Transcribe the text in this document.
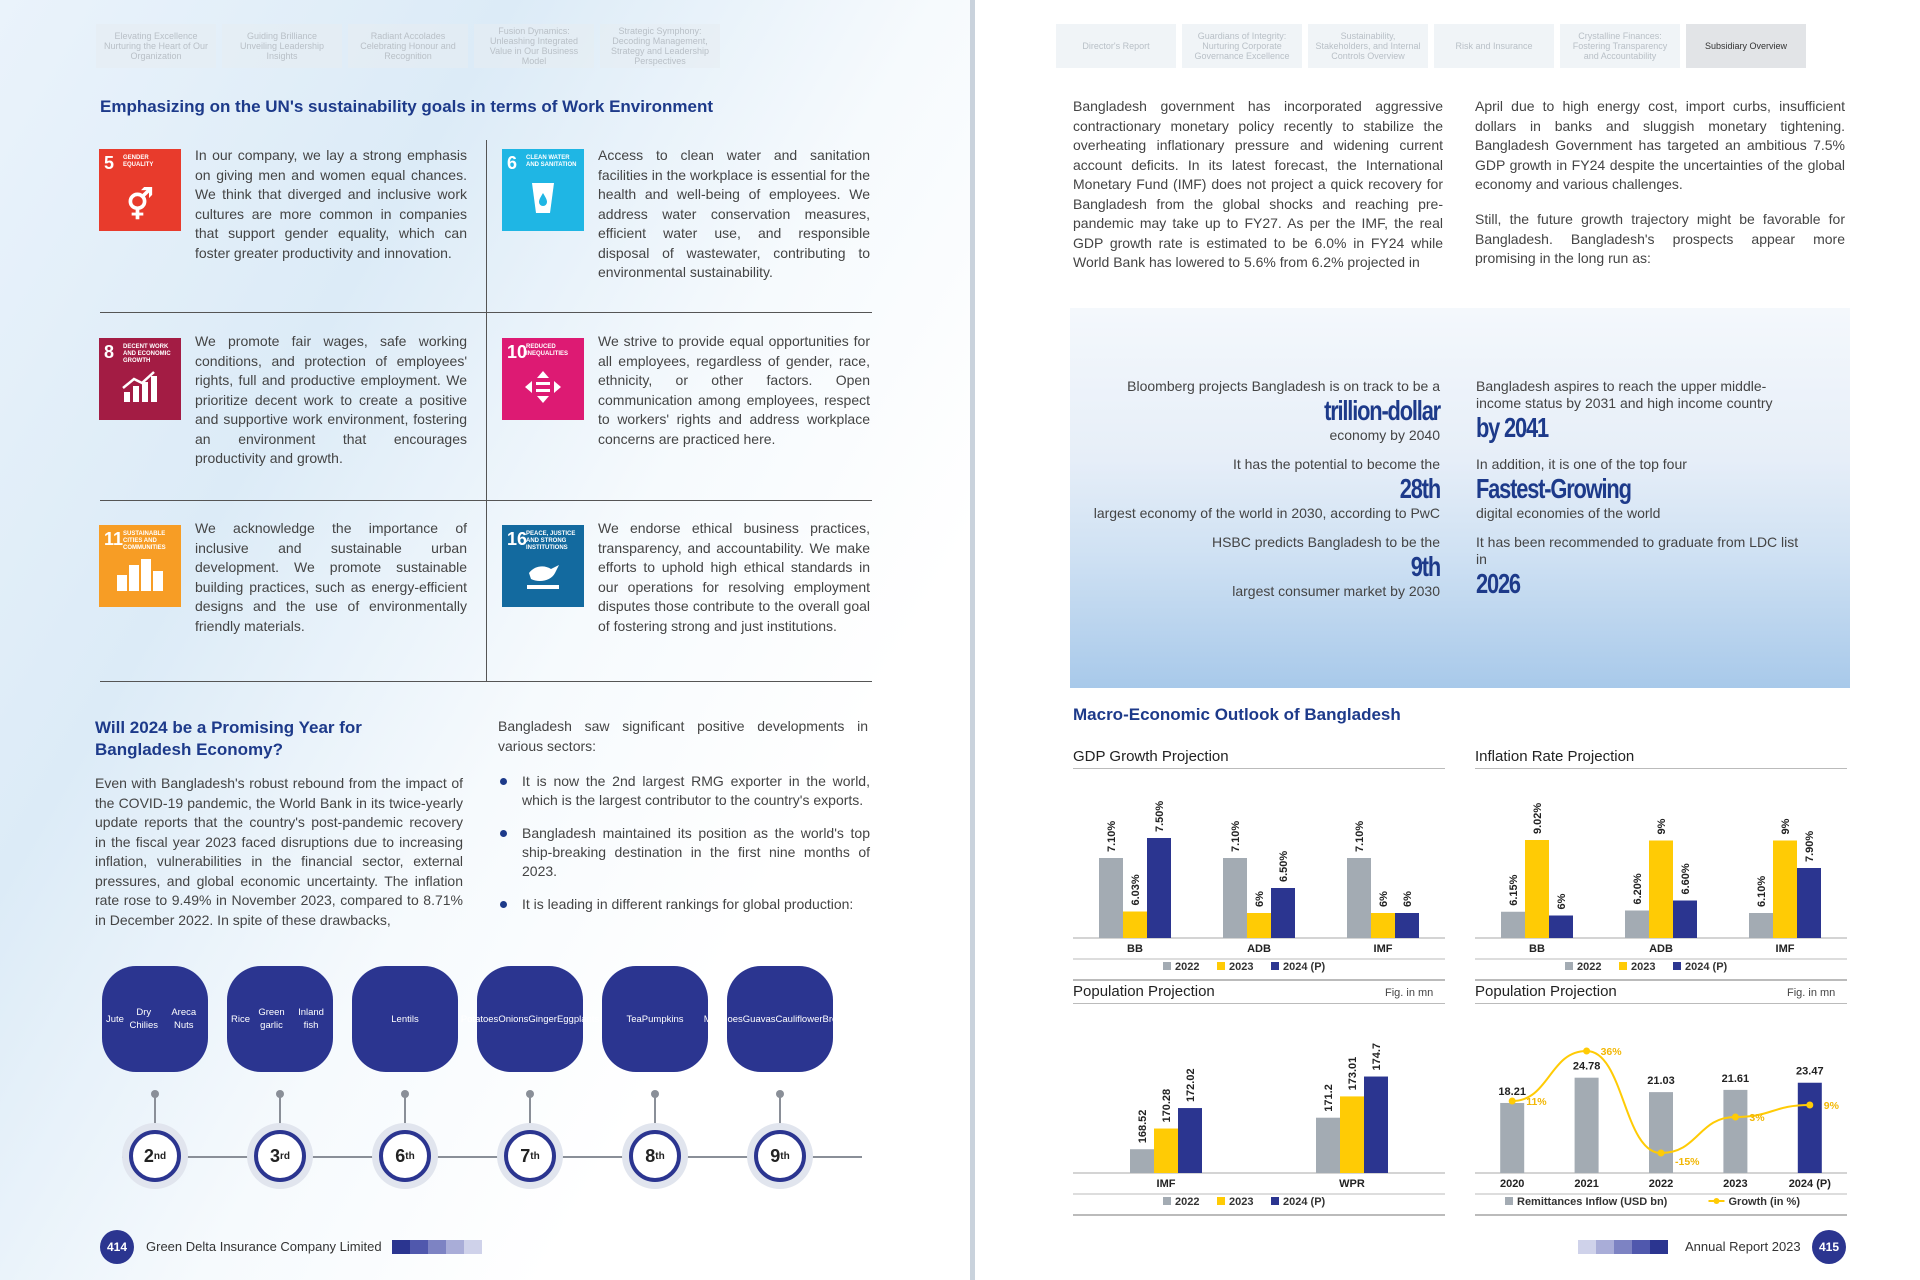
Elevating Excellence Nurturing the Heart of Our Organization
Guiding Brilliance Unveiling Leadership Insights
Radiant Accolades Celebrating Honour and Recognition
Fusion Dynamics: Unleashing Integrated Value in Our Business Model
Strategic Symphony: Decoding Management, Strategy and Leadership Perspectives
Emphasizing on the UN's sustainability goals in terms of Work Environment
5 GENDER EQUALITY
⚥
In our company, we lay a strong emphasis on giving men and women equal chances. We think that diverged and inclusive work cultures are more common in companies that support gender equality, which can foster greater productivity and innovation.
6 CLEAN WATER AND SANITATION
Access to clean water and sanitation facilities in the workplace is essential for the health and well-being of employees. We address water conservation measures, efficient water use, and responsible disposal of wastewater, contributing to environmental sustainability.
8 DECENT WORK AND ECONOMIC GROWTH
We promote fair wages, safe working conditions, and protection of employees' rights, full and productive employment. We prioritize decent work to create a positive and supportive work environment, fostering an environment that encourages productivity and growth.
10
REDUCED INEQUALITIES
We strive to provide equal opportunities for all employees, regardless of gender, race, ethnicity, or other factors. Open communication among employees, respect to workers' rights and address workplace concerns are practiced here.
11 SUSTAINABLE CITIES AND COMMUNITIES
We acknowledge the importance of inclusive and sustainable urban development. We promote sustainable building practices, such as energy-efficient designs and the use of environmentally friendly materials.
16
PEACE, JUSTICE AND STRONG INSTITUTIONS
We endorse ethical business practices, transparency, and accountability. We make efforts to uphold high ethical standards in our operations for resolving employment disputes those contribute to the overall goal of fostering strong and just institutions.
Will 2024 be a Promising Year for Bangladesh Economy?
Even with Bangladesh's robust rebound from the impact of the COVID-19 pandemic, the World Bank in its twice-yearly update reports that the country's post-pandemic recovery in the fiscal year 2023 faced disruptions due to increasing inflation, vulnerabilities in the financial sector, external pressures, and global economic uncertainty. The inflation rate rose to 9.49% in November 2023, compared to 8.71% in December 2022. In spite of these drawbacks,
Bangladesh saw significant positive developments in various sectors:
It is now the 2nd largest RMG exporter in the world, which is the largest contributor to the country's exports.
Bangladesh maintained its position as the world's top ship-breaking destination in the first nine months of 2023.
It is leading in different rankings for global production:
Jute

Dry Chilies

Areca Nuts
2 nd
Rice

Green garlic

Inland fish
3 rd
Lentils
6 th
Potatoes Onions Ginger Eggplants
7 th
Tea Pumpkins
8 th
Mangoes Guavas Cauliflower Broccoli
9 th
414	Green Delta Insurance Company Limited
Director's Report
Guardians of Integrity: Nurturing Corporate Governance Excellence
Sustainability, Stakeholders, and Internal Controls Overview
Risk and Insurance
Crystalline Finances: Fostering Transparency and Accountability
Subsidiary Overview
Bangladesh government has incorporated aggressive contractionary monetary policy recently to stabilize the overheating inflationary pressure and widening current account deficits. In its latest forecast, the International Monetary Fund (IMF) does not project a quick recovery for Bangladesh from the global shocks and reaching pre-pandemic may take up to FY27. As per the IMF, the real GDP growth rate is estimated to be 6.0% in FY24 while World Bank has lowered to 5.6% from 6.2% projected in
April due to high energy cost, import curbs, insufficient dollars in banks and sluggish monetary tightening. Bangladesh Government has targeted an ambitious 7.5% GDP growth in FY24 despite the uncertainties of the global economy and various challenges.
Still, the future growth trajectory might be favorable for Bangladesh. Bangladesh's prospects appear more promising in the long run as:
Bloomberg projects Bangladesh is on track to be a
trillion-dollar
economy by 2040
It has the potential to become the
28th
largest economy of the world in 2030, according to PwC
HSBC predicts Bangladesh to be the
9th
largest consumer market by 2030
Bangladesh aspires to reach the upper middle-income status by 2031 and high income country
by 2041
In addition, it is one of the top four
Fastest-Growing
digital economies of the world
It has been recommended to graduate from LDC list in
2026
Macro-Economic Outlook of Bangladesh
GDP Growth Projection
7.10%
6.03%
7.50%
BB
7.10%
6%
6.50%
ADB
7.10%
6% 6%
IMF
2022	2023	2024 (P)
Inflation Rate Projection
6.15%
9.02%
6%
BB
6.20%
9%
6.60%
ADB
6.10%
9%
7.90%
IMF
2022	2023	2024 (P)
Population Projection	Fig. in mn
168.52
170.28
172.02
IMF
171.2
173.01 174.7
WPR
2022	2023	2024 (P)
Population Projection	Fig. in mn
18.21
2020
24.78
2021
21.03
2022
21.61
2023
23.47
2024 (P)
11%
36%
-15%
3%
9%
Remittances Inflow (USD bn)	Growth (in %)
Annual Report 2023	415
